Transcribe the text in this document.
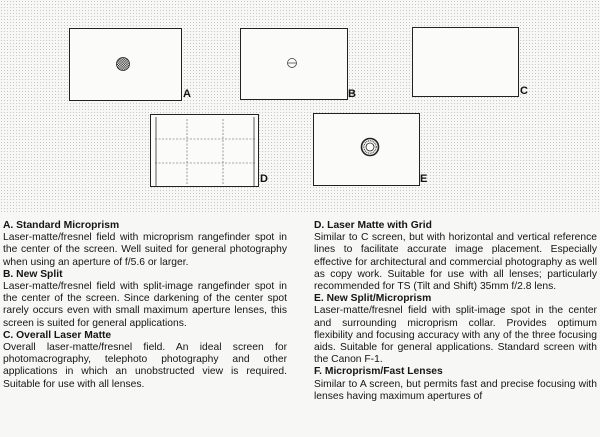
A	B	C
D	E
A. Standard Microprism
Laser-matte/fresnel field with microprism rangefinder spot in the center of the screen. Well suited for general photography when using an aperture of f/5.6 or larger.
B. New Split
Laser-matte/fresnel field with split-image rangefinder spot in the center of the screen. Since darkening of the center spot rarely occurs even with small maximum aperture lenses, this screen is suited for general applications.
C. Overall Laser Matte
Overall laser-matte/fresnel field. An ideal screen for photomacrography, telephoto photography and other applications in which an unobstructed view is required. Suitable for use with all lenses.
D. Laser Matte with Grid
Similar to C screen, but with horizontal and vertical reference lines to facilitate accurate image placement. Especially effective for architectural and commercial photography as well as copy work. Suitable for use with all lenses; particularly recommended for TS (Tilt and Shift) 35mm f/2.8 lens.
E. New Split/Microprism
Laser-matte/fresnel field with split-image spot in the center and surrounding microprism collar. Provides optimum flexibility and focusing accuracy with any of the three focusing aids. Suitable for general applications. Standard screen with the Canon F-1.
F. Microprism/Fast Lenses
Similar to A screen, but permits fast and precise focusing with lenses having maximum apertures of
